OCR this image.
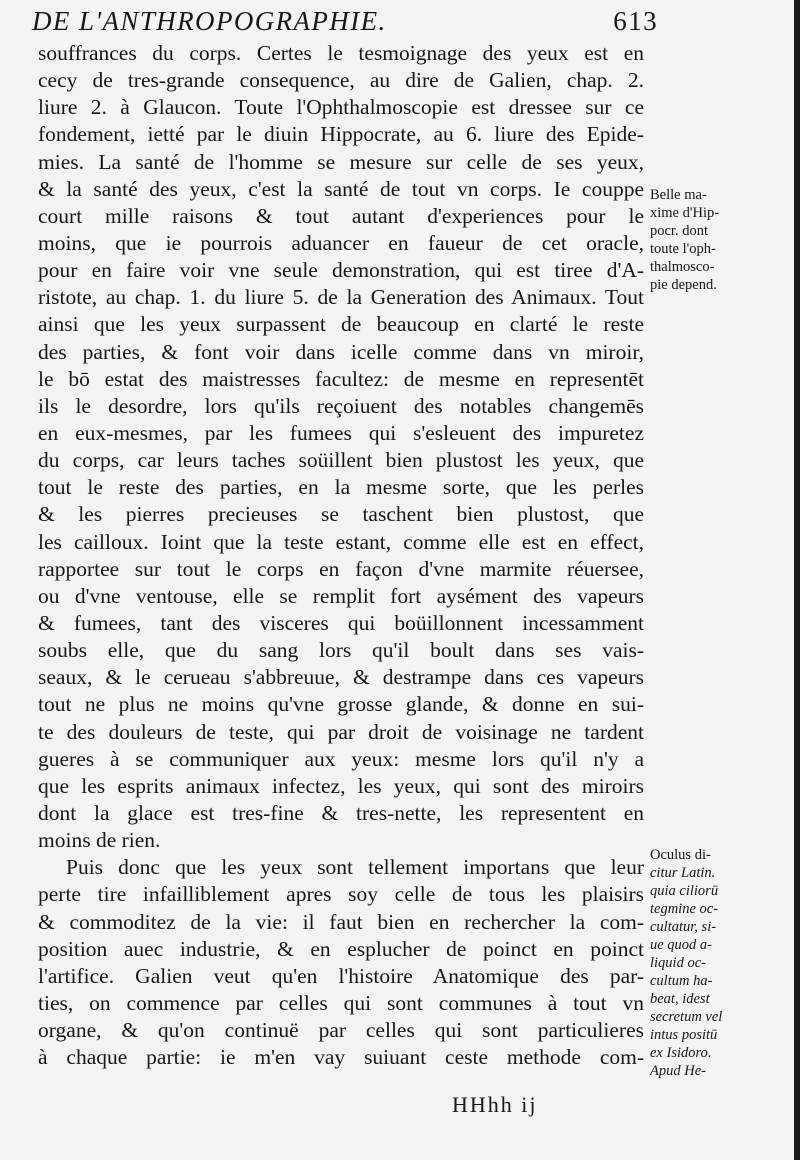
DE L'ANTHROPOGRAPHIE.	613
souffrances du corps. Certes le tesmoignage des yeux est en
cecy de tres-grande consequence, au dire de Galien, chap. 2.
liure 2. à Glaucon. Toute l'Ophthalmoscopie est dressee sur ce
fondement, ietté par le diuin Hippocrate, au 6. liure des Epide-
mies. La santé de l'homme se mesure sur celle de ses yeux,
& la santé des yeux, c'est la santé de tout vn corps. Ie couppe
court mille raisons & tout autant d'experiences pour le
moins, que ie pourrois aduancer en faueur de cet oracle,
pour en faire voir vne seule demonstration, qui est tiree d'A-
ristote, au chap. 1. du liure 5. de la Generation des Animaux. Tout
ainsi que les yeux surpassent de beaucoup en clarté le reste
des parties, & font voir dans icelle comme dans vn miroir,
le bō estat des maistresses facultez: de mesme en representēt
ils le desordre, lors qu'ils reçoiuent des notables changemēs
en eux-mesmes, par les fumees qui s'esleuent des impuretez
du corps, car leurs taches soüillent bien plustost les yeux, que
tout le reste des parties, en la mesme sorte, que les perles
& les pierres precieuses se taschent bien plustost, que
les cailloux. Ioint que la teste estant, comme elle est en effect,
rapportee sur tout le corps en façon d'vne marmite réuersee,
ou d'vne ventouse, elle se remplit fort aysément des vapeurs
& fumees, tant des visceres qui boüillonnent incessamment
soubs elle, que du sang lors qu'il boult dans ses vais-
seaux, & le cerueau s'abbreuue, & destrampe dans ces vapeurs
tout ne plus ne moins qu'vne grosse glande, & donne en sui-
te des douleurs de teste, qui par droit de voisinage ne tardent
gueres à se communiquer aux yeux: mesme lors qu'il n'y a
que les esprits animaux infectez, les yeux, qui sont des miroirs
dont la glace est tres-fine & tres-nette, les representent en
moins de rien.
Puis donc que les yeux sont tellement importans que leur
perte tire infailliblement apres soy celle de tous les plaisirs
& commoditez de la vie: il faut bien en rechercher la com-
position auec industrie, & en esplucher de poinct en poinct
l'artifice. Galien veut qu'en l'histoire Anatomique des par-
ties, on commence par celles qui sont communes à tout vn
organe, & qu'on continuë par celles qui sont particulieres
à chaque partie: ie m'en vay suiuant ceste methode com-
Belle ma-
xime d'Hip-
pocr. dont
toute l'oph-
thalmosco-
pie depend.
Oculus di-
citur Latin.
quia ciliorū
tegmine oc-
cultatur, si-
ue quod a-
liquid oc-
cultum ha-
beat, idest
secretum vel
intus positū
ex Isidoro.
Apud He-
HHhh ij
